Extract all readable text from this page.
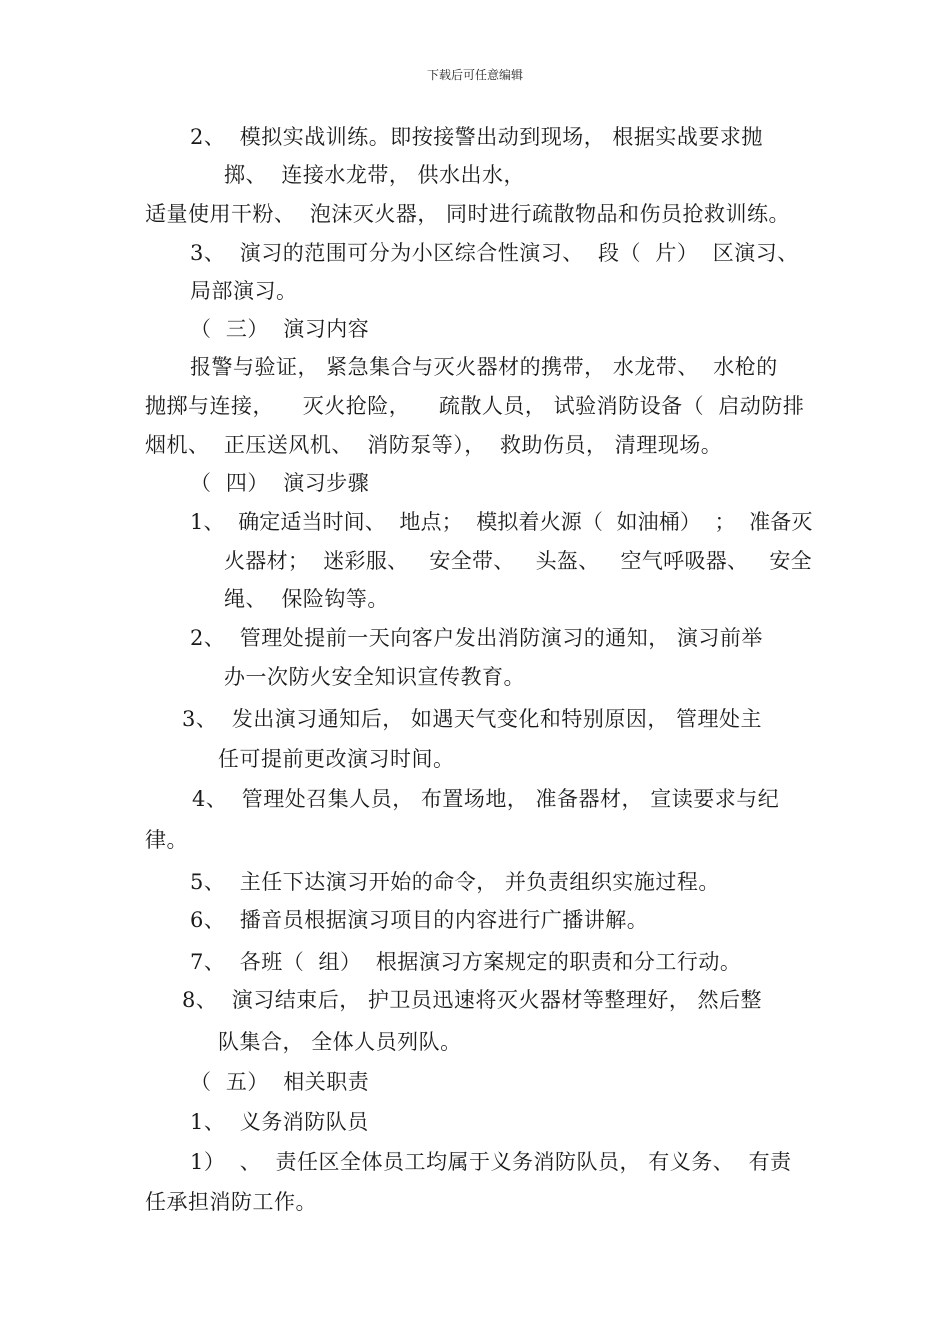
下载后可任意编辑
2、  模拟实战训练。即按接警出动到现场， 根据实战要求抛
掷、  连接水龙带， 供水出水，
适量使用干粉、  泡沫灭火器， 同时进行疏散物品和伤员抢救训练。
3、  演习的范围可分为小区综合性演习、  段（  片）  区演习、
局部演习。
（  三）  演习内容
报警与验证， 紧急集合与灭火器材的携带， 水龙带、  水枪的
抛掷与连接，    灭火抢险，    疏散人员， 试验消防设备（  启动防排
烟机、  正压送风机、  消防泵等），  救助伤员， 清理现场。
（  四）  演习步骤
1、  确定适当时间、  地点；  模拟着火源（  如油桶）  ；  准备灭
火器材；  迷彩服、   安全带、   头盔、   空气呼吸器、   安全
绳、  保险钩等。
2、  管理处提前一天向客户发出消防演习的通知， 演习前举
办一次防火安全知识宣传教育。
3、  发出演习通知后， 如遇天气变化和特别原因， 管理处主
任可提前更改演习时间。
4、  管理处召集人员， 布置场地， 准备器材， 宣读要求与纪
律。
5、  主任下达演习开始的命令， 并负责组织实施过程。
6、  播音员根据演习项目的内容进行广播讲解。
7、  各班（  组）  根据演习方案规定的职责和分工行动。
8、  演习结束后， 护卫员迅速将灭火器材等整理好， 然后整
队集合， 全体人员列队。
（  五）  相关职责
1、  义务消防队员
1）  、  责任区全体员工均属于义务消防队员， 有义务、  有责
任承担消防工作。
